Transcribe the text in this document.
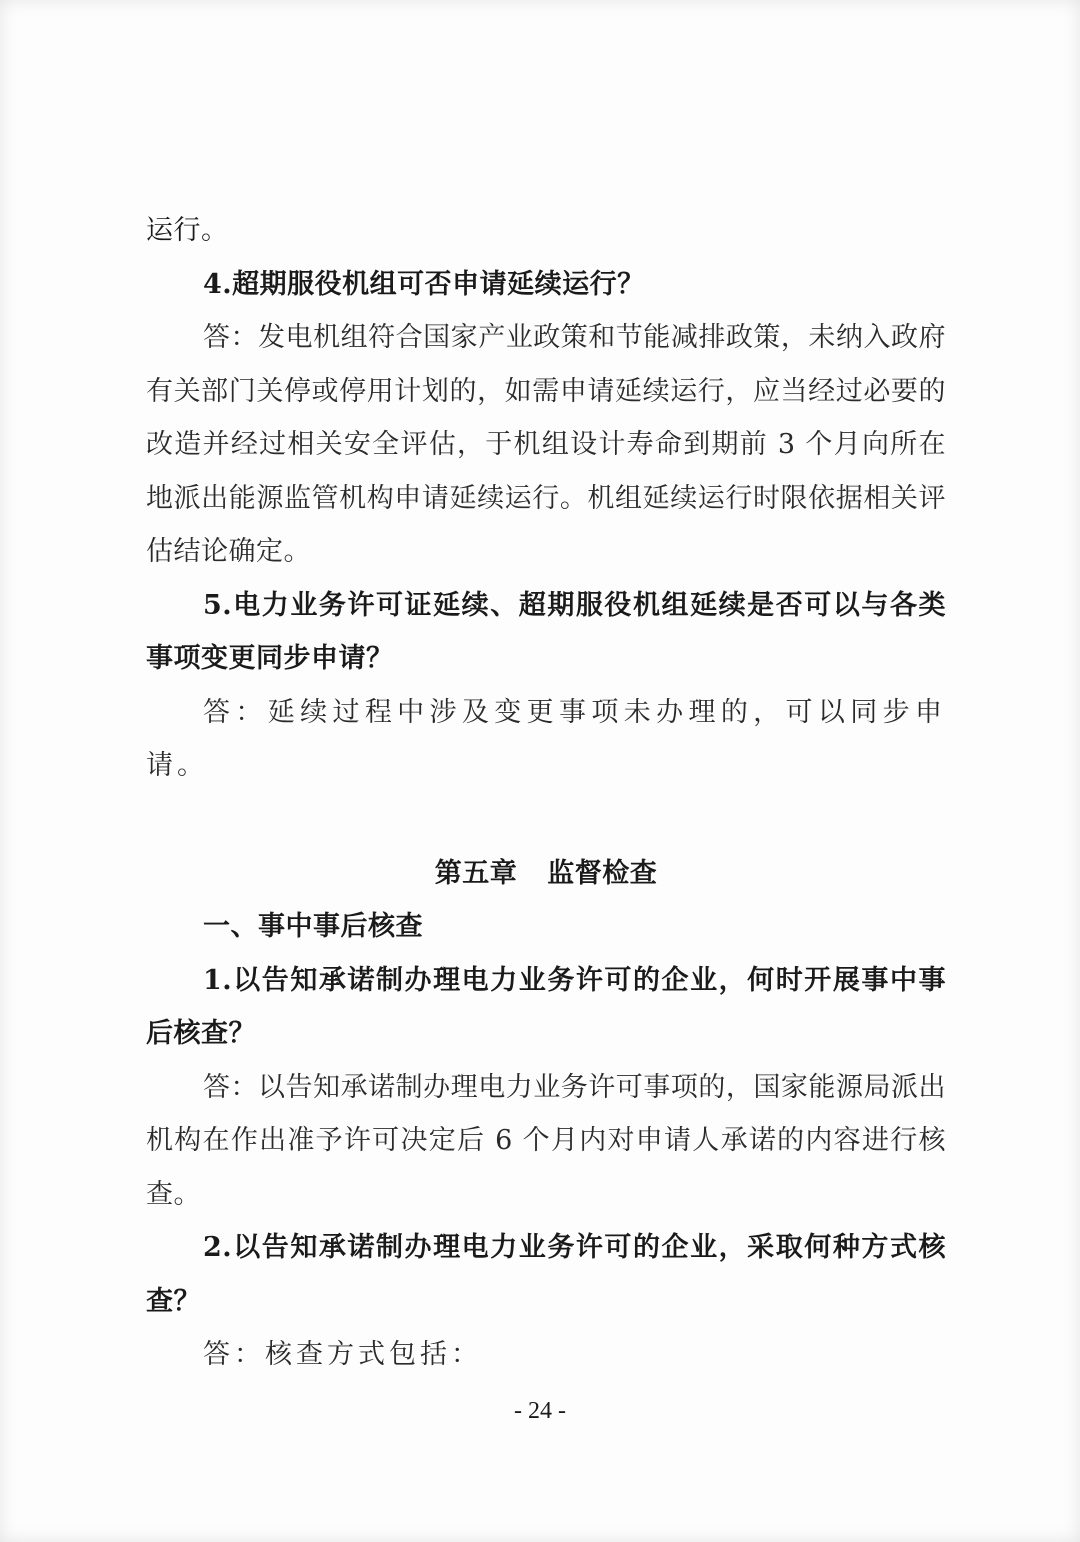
运行。

4.超期服役机组可否申请延续运行？

答：发电机组符合国家产业政策和节能减排政策，未纳入政府有关部门关停或停用计划的，如需申请延续运行，应当经过必要的改造并经过相关安全评估，于机组设计寿命到期前 3 个月向所在地派出能源监管机构申请延续运行。机组延续运行时限依据相关评估结论确定。

5.电力业务许可证延续、超期服役机组延续是否可以与各类事项变更同步申请？

答：延续过程中涉及变更事项未办理的，可以同步申请。

第五章 监督检查

一、事中事后核查

1.以告知承诺制办理电力业务许可的企业，何时开展事中事后核查？

答：以告知承诺制办理电力业务许可事项的，国家能源局派出机构在作出准予许可决定后 6 个月内对申请人承诺的内容进行核查。

2.以告知承诺制办理电力业务许可的企业，采取何种方式核查？

答：核查方式包括：

- 24 -
